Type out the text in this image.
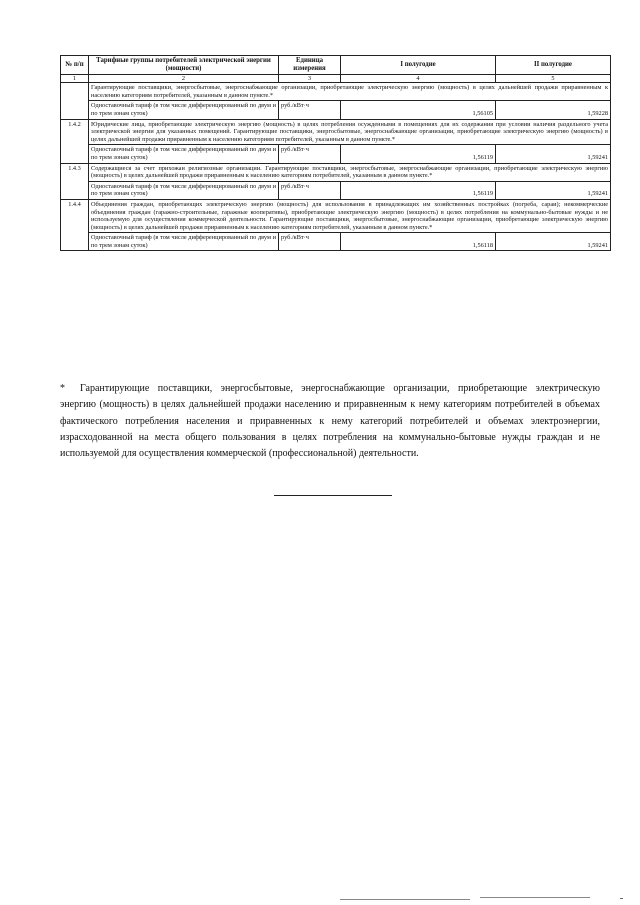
№ п/п	Тарифные группы потребителей электрической энергии (мощности)	Единица измерения	I полугодие	II полугодие
1	2	3	4	5
	Гарантирующие поставщики, энергосбытовые, энергоснабжающие организации, приобретающие электрическую энергию (мощность) в целях дальнейшей продажи приравненным к населению категориям потребителей, указанным в данном пункте.*			
	Одноставочный тариф (в том числе дифференцированный по двум и по трем зонам суток)	руб./кВт·ч	1,56105	1,59228
1.4.2	Юридические лица, приобретающие электрическую энергию (мощность) в целях потребления осужденными в помещениях для их содержания при условии наличия раздельного учета электрической энергии для указанных помещений. Гарантирующие поставщики, энергосбытовые, энергоснабжающие организации, приобретающие электрическую энергию (мощность) в целях дальнейшей продажи приравненным к населению категориям потребителей, указанным в данном пункте.*			
	Одноставочный тариф (в том числе дифференцированный по двум и по трем зонам суток)	руб./кВт·ч	1,56119	1,59241
1.4.3	Содержащиеся за счет прихожан религиозные организации. Гарантирующие поставщики, энергосбытовые, энергоснабжающие организации, приобретающие электрическую энергию (мощность) в целях дальнейшей продажи приравненным к населению категориям потребителей, указанным в данном пункте.*			
	Одноставочный тариф (в том числе дифференцированный по двум и по трем зонам суток)	руб./кВт·ч	1,56119	1,59241
1.4.4	Объединения граждан, приобретающих электрическую энергию (мощность) для использования в принадлежащих им хозяйственных постройках (погреба, сараи); некоммерческие объединения граждан (гаражно-строительные, гаражные кооперативы), приобретающие электрическую энергию (мощность) в целях потребления на коммунально-бытовые нужды и не используемую для осуществления коммерческой деятельности. Гарантирующие поставщики, энергосбытовые, энергоснабжающие организации, приобретающие электрическую энергию (мощность) в целях дальнейшей продажи приравненным к населению категориям потребителей, указанным в данном пункте.*			
	Одноставочный тариф (в том числе дифференцированный по двум и по трем зонам суток)	руб./кВт·ч	1,56118	1,59241

* Гарантирующие поставщики, энергосбытовые, энергоснабжающие организации, приобретающие электрическую энергию (мощность) в целях дальнейшей продажи населению и приравненным к нему категориям потребителей в объемах фактического потребления населения и приравненных к нему категорий потребителей и объемах электроэнергии, израсходованной на места общего пользования в целях потребления на коммунально-бытовые нужды граждан и не используемой для осуществления коммерческой (профессиональной) деятельности.
